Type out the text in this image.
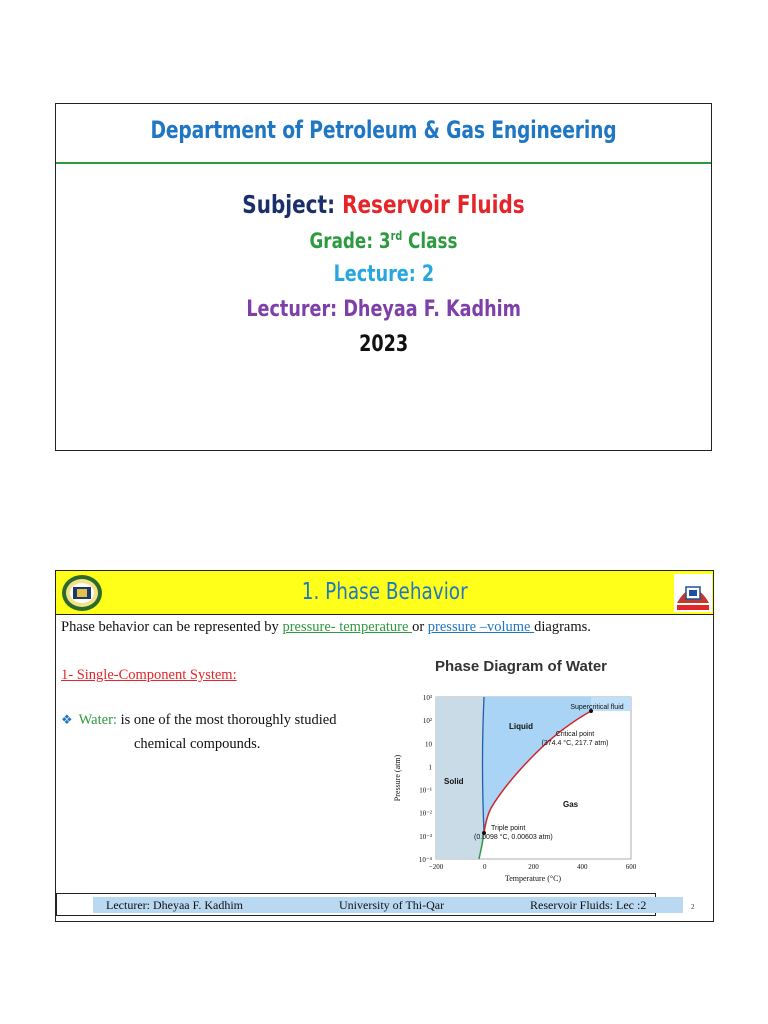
Department of Petroleum & Gas Engineering
Subject: Reservoir Fluids
Grade: 3rd Class
Lecture: 2
Lecturer: Dheyaa F. Kadhim
2023
1. Phase Behavior
Phase behavior can be represented by pressure- temperature or pressure –volume diagrams.
1- Single-Component System:
❖ Water: is one of the most thoroughly studied
chemical compounds.
Phase Diagram of Water
Solid
Liquid
Gas
Supercritical fluid
Critical point
(374.4 °C, 217.7 atm)
Triple point
(0.0098 °C, 0.00603 atm)
10⁻⁴
10⁻³
10⁻²
10⁻¹
1
10
10²
10³
−200	0	200	400	600
Pressure (atm)
Temperature (°C)
Lecturer: Dheyaa F. Kadhim	University of Thi-Qar	Reservoir Fluids: Lec :2	2
